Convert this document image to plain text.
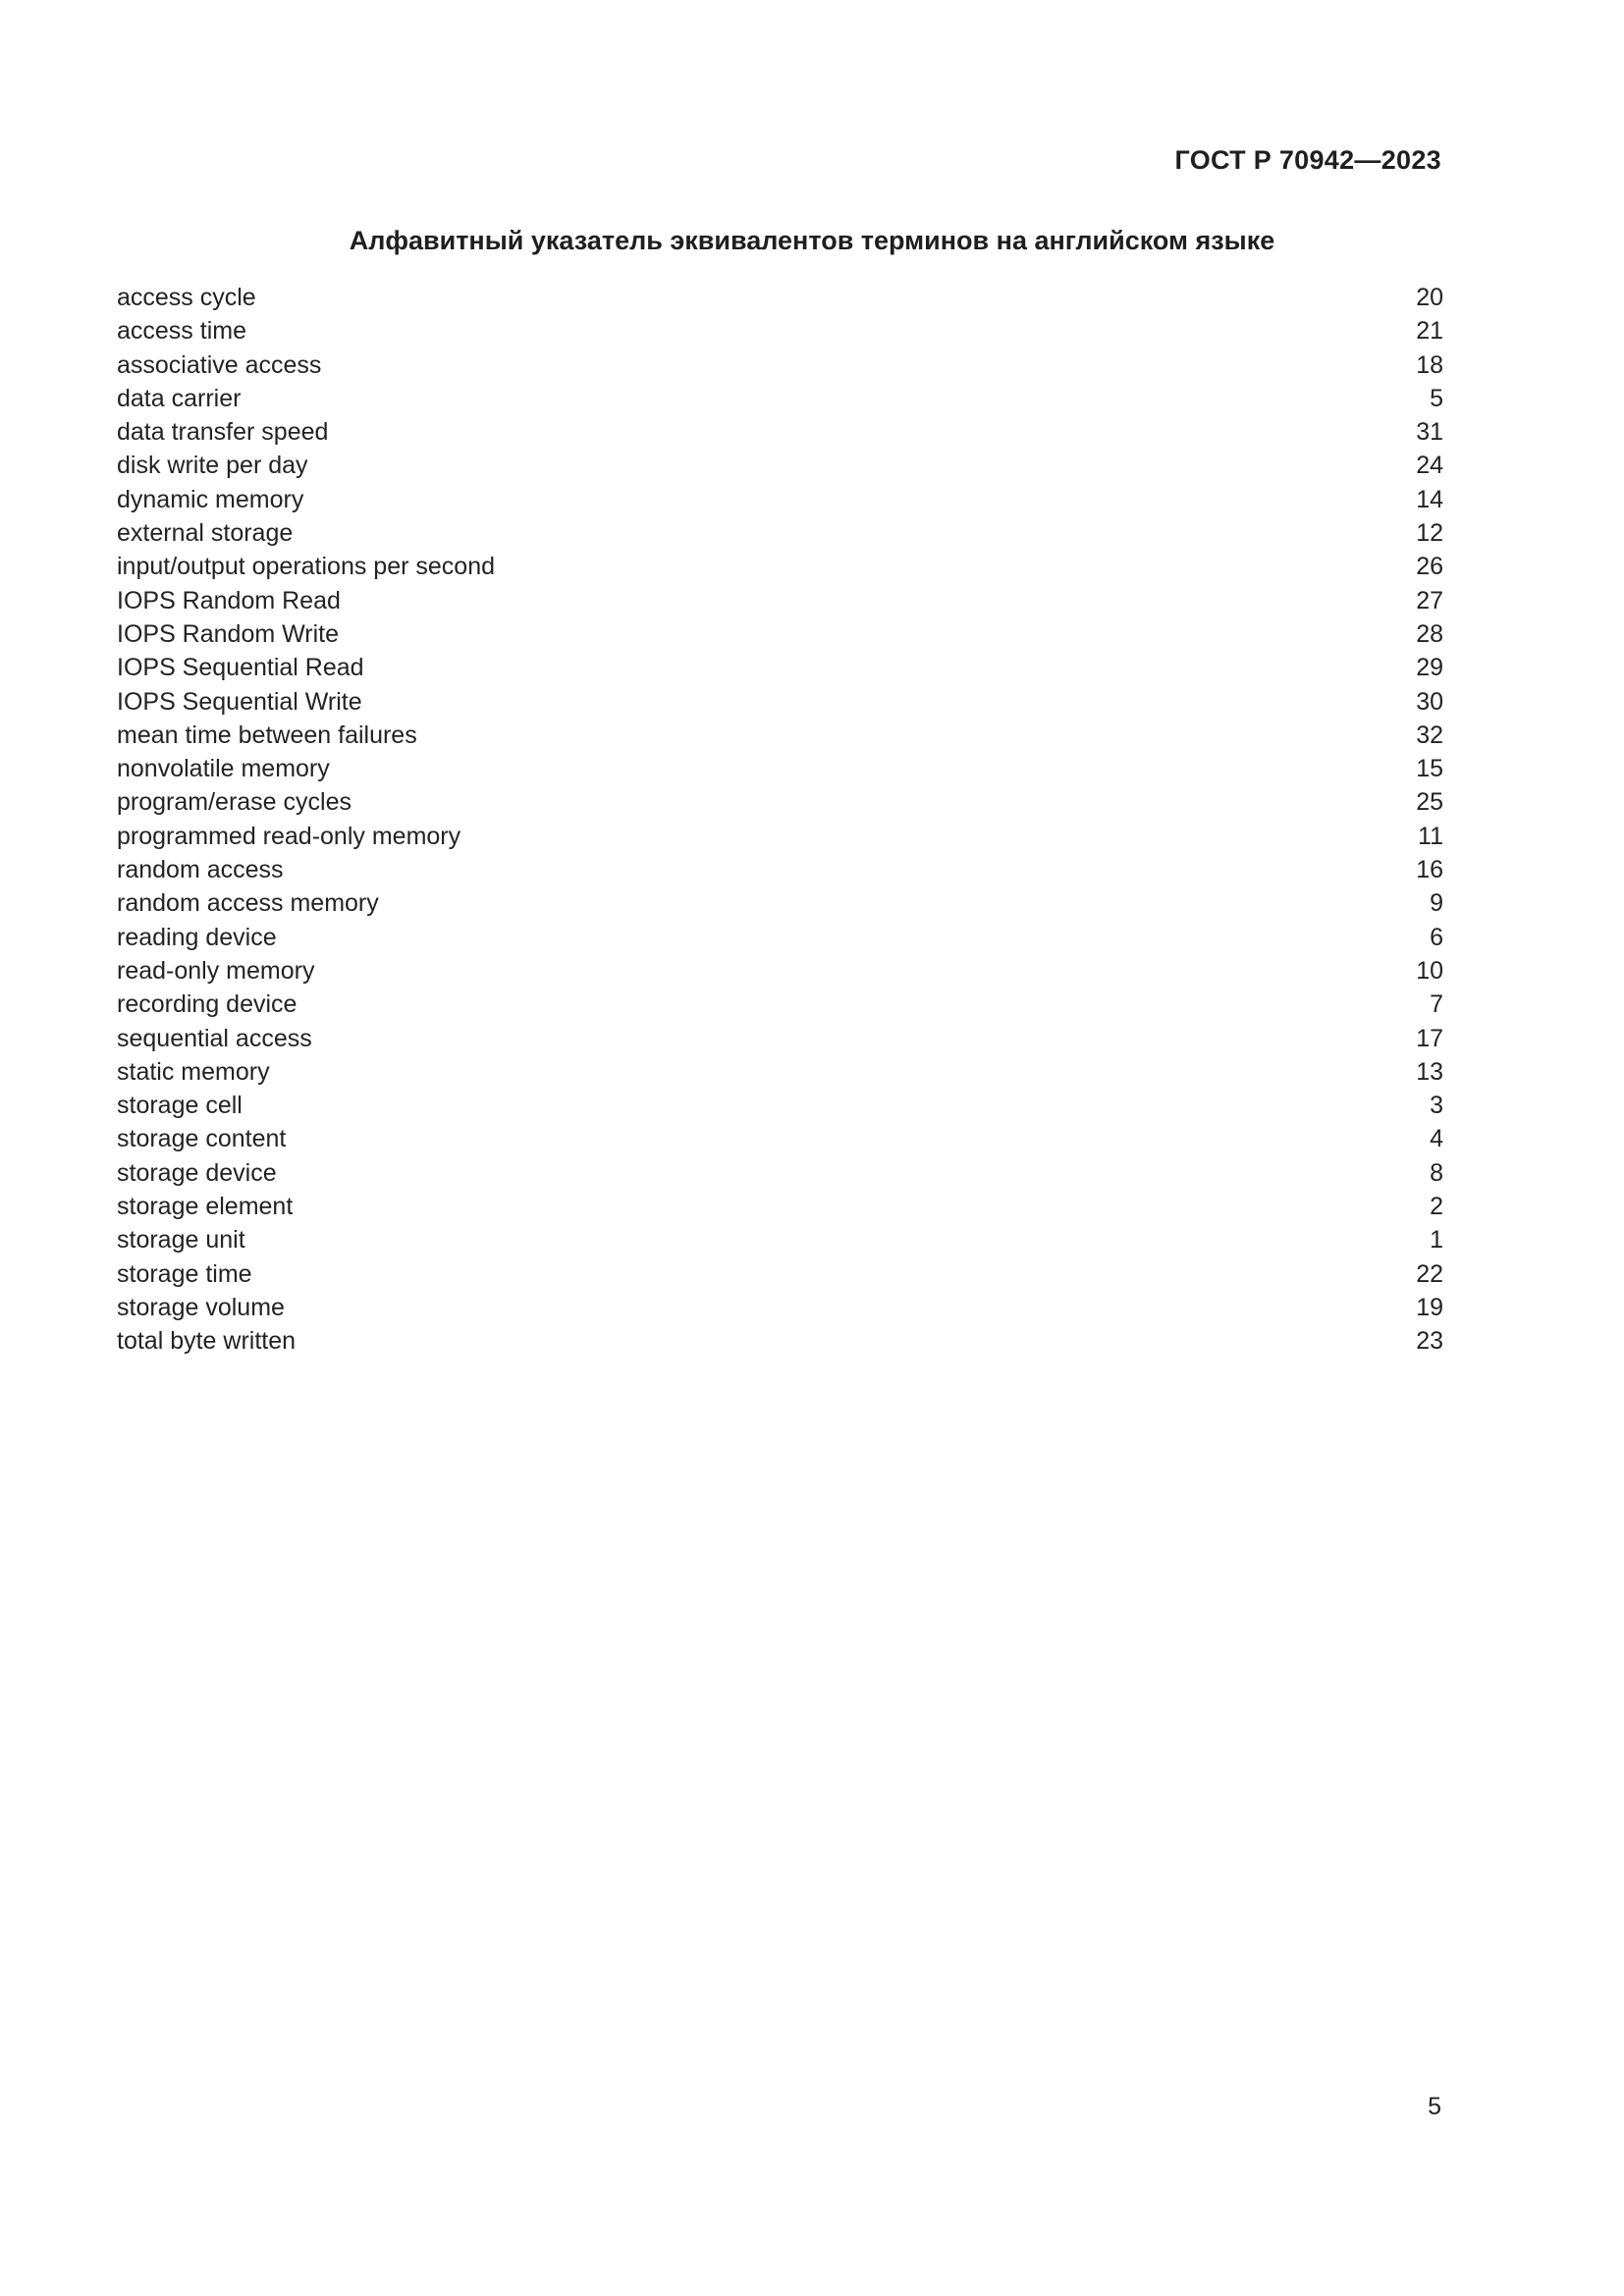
ГОСТ Р 70942—2023
Алфавитный указатель эквивалентов терминов на английском языке
access cycle	20
access time	21
associative access	18
data carrier	5
data transfer speed	31
disk write per day	24
dynamic memory	14
external storage	12
input/output operations per second	26
IOPS Random Read	27
IOPS Random Write	28
IOPS Sequential Read	29
IOPS Sequential Write	30
mean time between failures	32
nonvolatile memory	15
program/erase cycles	25
programmed read-only memory	11
random access	16
random access memory	9
reading device	6
read-only memory	10
recording device	7
sequential access	17
static memory	13
storage cell	3
storage content	4
storage device	8
storage element	2
storage unit	1
storage time	22
storage volume	19
total byte written	23
5
